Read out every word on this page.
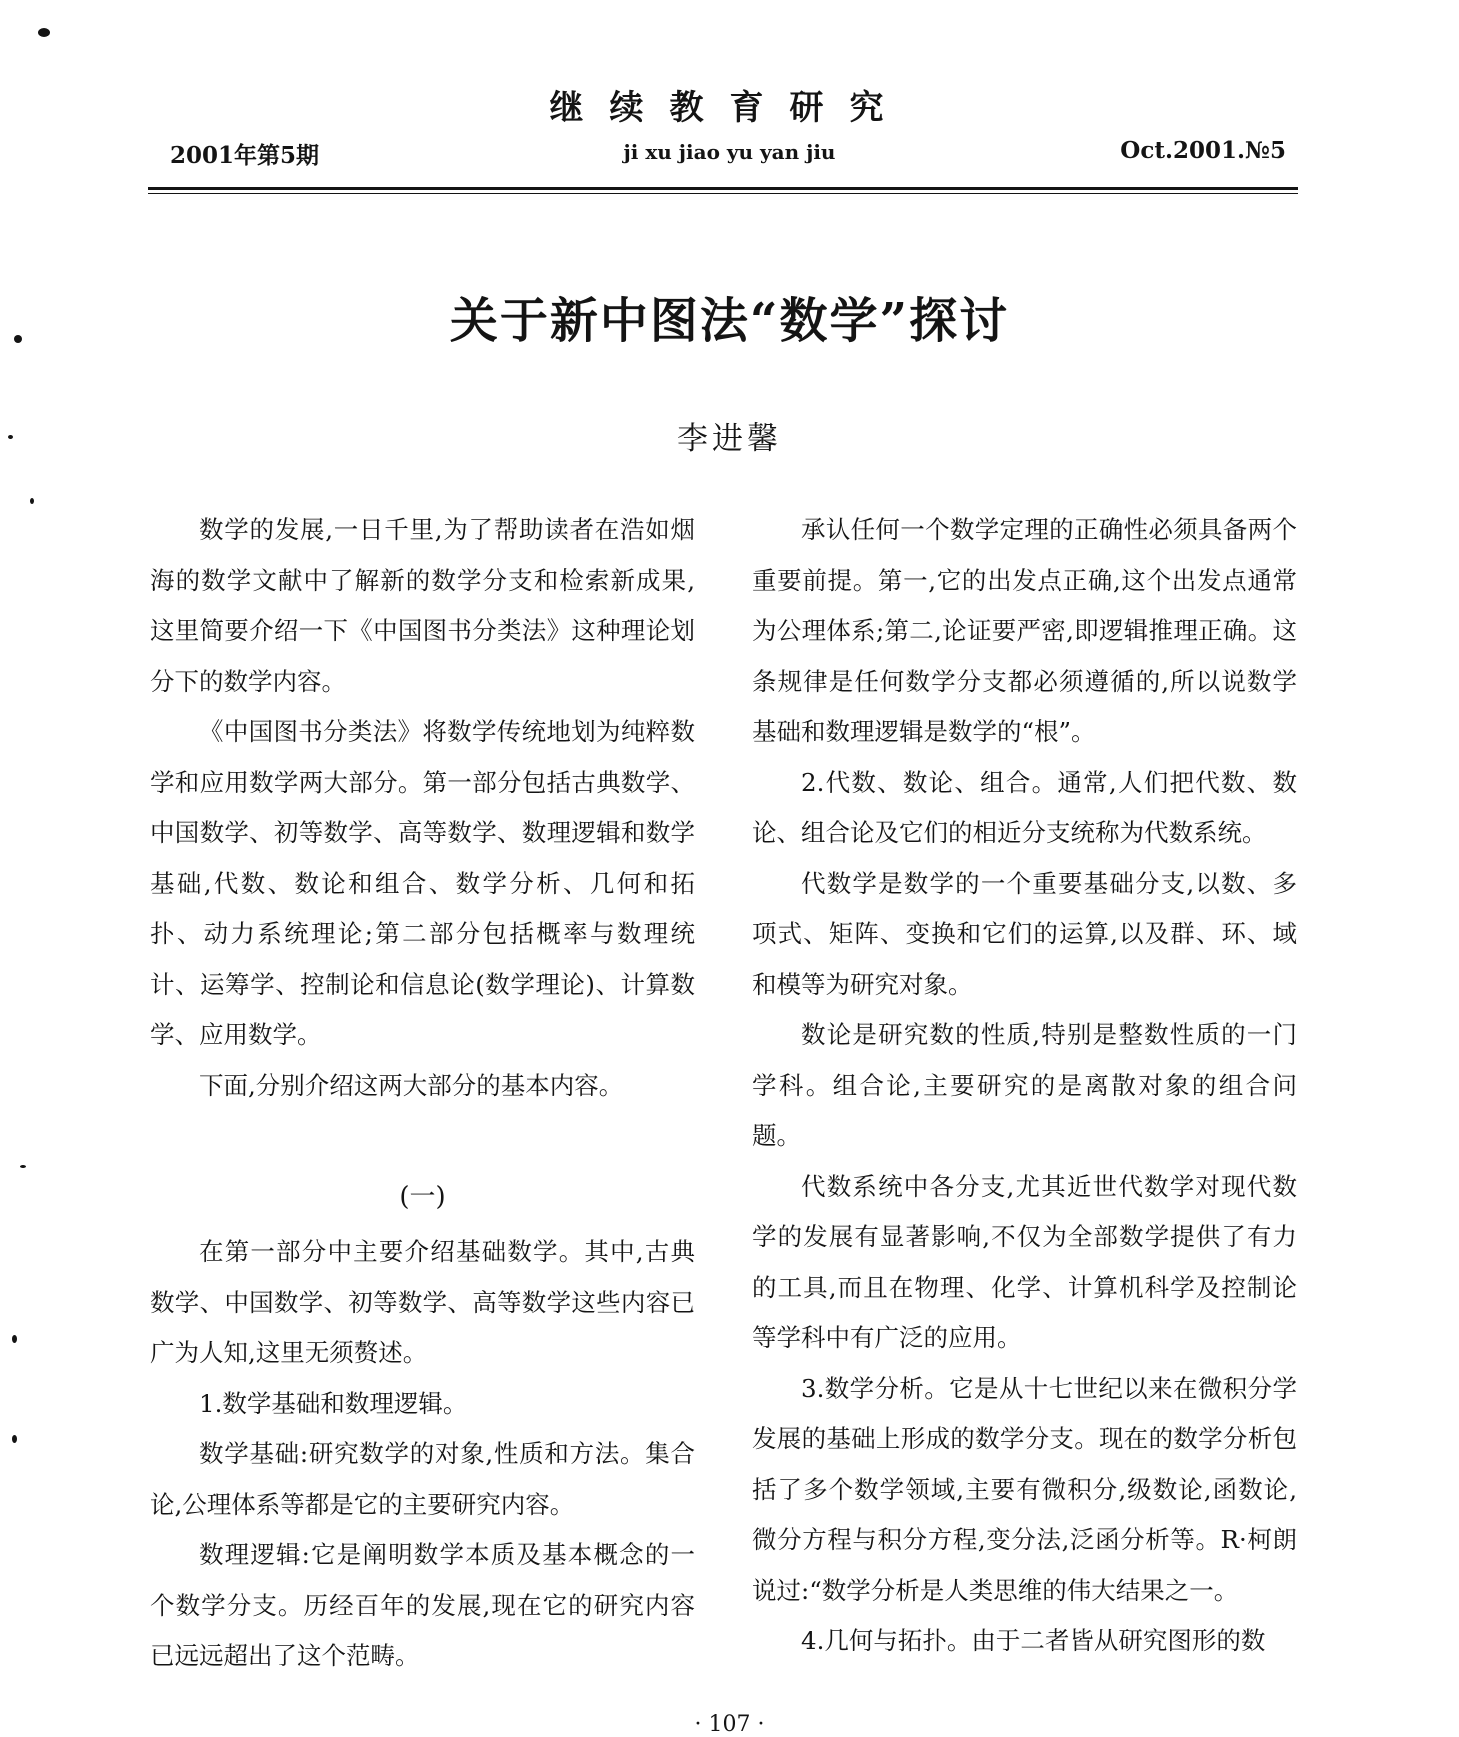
继续教育研究
2001年第5期	ji xu jiao yu yan jiu	Oct.2001.№5
关于新中图法“数学”探讨
李进馨

数学的发展,一日千里,为了帮助读者在浩如烟海的数学文献中了解新的数学分支和检索新成果,这里简要介绍一下《中国图书分类法》这种理论划分下的数学内容。

《中国图书分类法》将数学传统地划为纯粹数学和应用数学两大部分。第一部分包括古典数学、中国数学、初等数学、高等数学、数理逻辑和数学基础,代数、数论和组合、数学分析、几何和拓扑、动力系统理论;第二部分包括概率与数理统计、运筹学、控制论和信息论(数学理论)、计算数学、应用数学。

下面,分别介绍这两大部分的基本内容。

(一)

在第一部分中主要介绍基础数学。其中,古典数学、中国数学、初等数学、高等数学这些内容已广为人知,这里无须赘述。

1.数学基础和数理逻辑。

数学基础:研究数学的对象,性质和方法。集合论,公理体系等都是它的主要研究内容。

数理逻辑:它是阐明数学本质及基本概念的一个数学分支。历经百年的发展,现在它的研究内容已远远超出了这个范畴。

承认任何一个数学定理的正确性必须具备两个重要前提。第一,它的出发点正确,这个出发点通常为公理体系;第二,论证要严密,即逻辑推理正确。这条规律是任何数学分支都必须遵循的,所以说数学基础和数理逻辑是数学的“根”。

2.代数、数论、组合。通常,人们把代数、数论、组合论及它们的相近分支统称为代数系统。

代数学是数学的一个重要基础分支,以数、多项式、矩阵、变换和它们的运算,以及群、环、域和模等为研究对象。

数论是研究数的性质,特别是整数性质的一门学科。组合论,主要研究的是离散对象的组合问题。

代数系统中各分支,尤其近世代数学对现代数学的发展有显著影响,不仅为全部数学提供了有力的工具,而且在物理、化学、计算机科学及控制论等学科中有广泛的应用。

3.数学分析。它是从十七世纪以来在微积分学发展的基础上形成的数学分支。现在的数学分析包括了多个数学领域,主要有微积分,级数论,函数论,微分方程与积分方程,变分法,泛函分析等。R·柯朗说过:“数学分析是人类思维的伟大结果之一。

4.几何与拓扑。由于二者皆从研究图形的数

· 107 ·
